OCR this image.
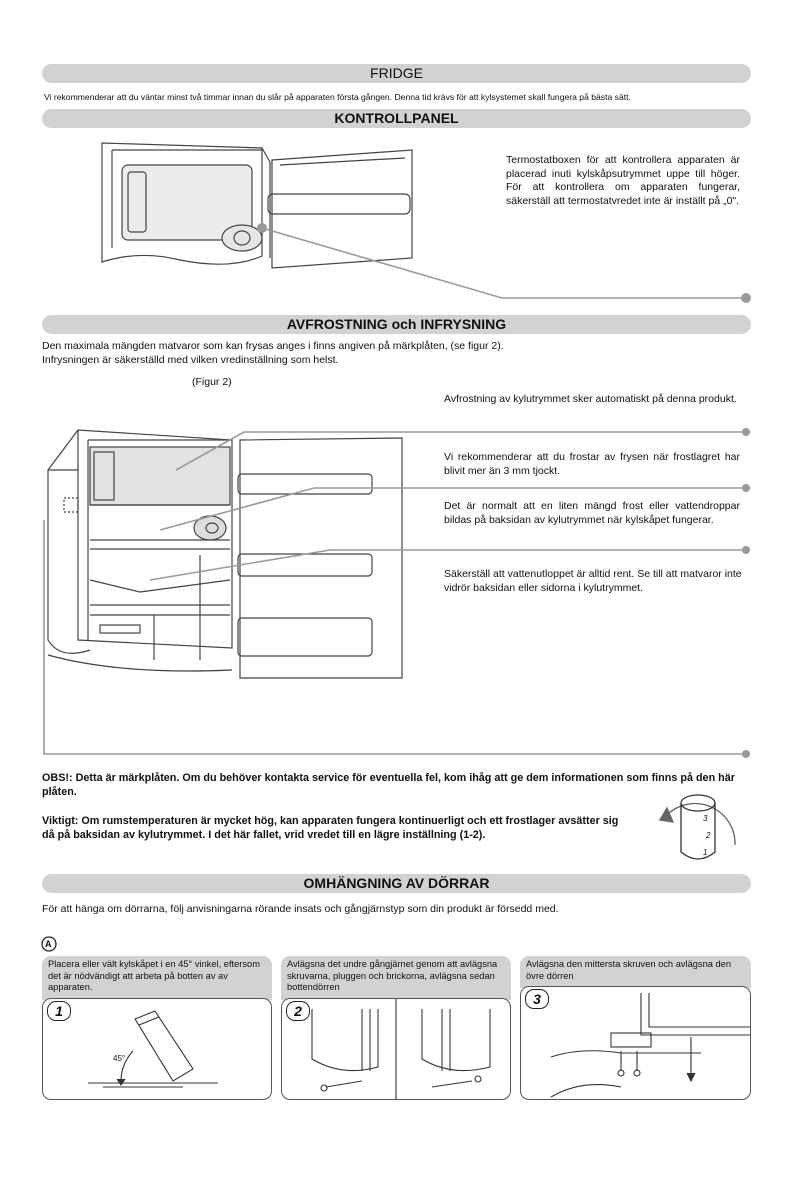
FRIDGE
Vi rekommenderar att du väntar minst två timmar innan du slår på apparaten första gången. Denna tid krävs för att kylsystemet skall fungera på bästa sätt.
KONTROLLPANEL
Termostatboxen för att kontrollera apparaten är placerad inuti kylskåpsutrymmet uppe till höger. För att kontrollera om apparaten fungerar, säkerställ att termostatvredet inte är inställt på „0".
AVFROSTNING och INFRYSNING
Den maximala mängden matvaror som kan frysas anges i finns angiven på märkplåten, (se figur 2).
Infrysningen är säkerställd med vilken vredinställning som helst.
(Figur 2)
Avfrostning av kylutrymmet sker automatiskt på denna produkt.
Vi rekommenderar att du frostar av frysen när frostlagret har blivit mer än 3 mm tjockt.
Det är normalt att en liten mängd frost eller vattendroppar bildas på baksidan av kylutrymmet när kylskåpet fungerar.
Säkerställ att vattenutloppet är alltid rent. Se till att matvaror inte vidrör baksidan eller sidorna i kylutrymmet.
OBS!: Detta är märkplåten. Om du behöver kontakta service för eventuella fel, kom ihåg att ge dem informationen som finns på den här plåten.
Viktigt: Om rumstemperaturen är mycket hög, kan apparaten fungera kontinuerligt och ett frostlager avsätter sig då på baksidan av kylutrymmet. I det här fallet, vrid vredet till en lägre inställning (1-2).
3
2
1
OMHÄNGNING AV DÖRRAR
För att hänga om dörrarna, följ anvisningarna rörande insats och gångjärnstyp som din produkt är försedd med.
A
Placera eller vält kylskåpet i en 45° vinkel, eftersom det är nödvändigt att arbeta på botten av av apparaten.
45°
1
Avlägsna det undre gångjärnet genom att avlägsna skruvarna, pluggen och brickorna, avlägsna sedan bottendörren
2
Avlägsna den mittersta skruven och avlägsna den övre dörren
3
